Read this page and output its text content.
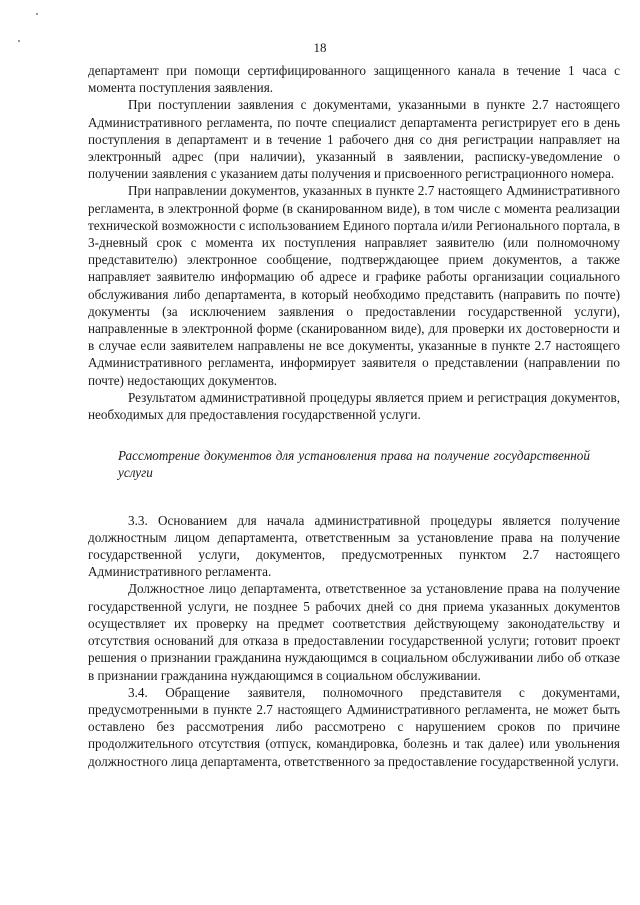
18

департамент при помощи сертифицированного защищенного канала в течение 1 часа с момента поступления заявления.

При поступлении заявления с документами, указанными в пункте 2.7 настоящего Административного регламента, по почте специалист департамента регистрирует его в день поступления в департамент и в течение 1 рабочего дня со дня регистрации направляет на электронный адрес (при наличии), указанный в заявлении, расписку-уведомление о получении заявления с указанием даты получения и присвоенного регистрационного номера.

При направлении документов, указанных в пункте 2.7 настоящего Административного регламента, в электронной форме (в сканированном виде), в том числе с момента реализации технической возможности с использованием Единого портала и/или Регионального портала, в 3-дневный срок с момента их поступления направляет заявителю (или полномочному представителю) электронное сообщение, подтверждающее прием документов, а также направляет заявителю информацию об адресе и графике работы организации социального обслуживания либо департамента, в который необходимо представить (направить по почте) документы (за исключением заявления о предоставлении государственной услуги), направленные в электронной форме (сканированном виде), для проверки их достоверности и в случае если заявителем направлены не все документы, указанные в пункте 2.7 настоящего Административного регламента, информирует заявителя о представлении (направлении по почте) недостающих документов.

Результатом административной процедуры является прием и регистрация документов, необходимых для предоставления государственной услуги.

Рассмотрение документов для установления права на получение государственной услуги

3.3. Основанием для начала административной процедуры является получение должностным лицом департамента, ответственным за установление права на получение государственной услуги, документов, предусмотренных пунктом 2.7 настоящего Административного регламента.

Должностное лицо департамента, ответственное за установление права на получение государственной услуги, не позднее 5 рабочих дней со дня приема указанных документов осуществляет их проверку на предмет соответствия действующему законодательству и отсутствия оснований для отказа в предоставлении государственной услуги; готовит проект решения о признании гражданина нуждающимся в социальном обслуживании либо об отказе в признании гражданина нуждающимся в социальном обслуживании.

3.4. Обращение заявителя, полномочного представителя с документами, предусмотренными в пункте 2.7 настоящего Административного регламента, не может быть оставлено без рассмотрения либо рассмотрено с нарушением сроков по причине продолжительного отсутствия (отпуск, командировка, болезнь и так далее) или увольнения должностного лица департамента, ответственного за предоставление государственной услуги.
